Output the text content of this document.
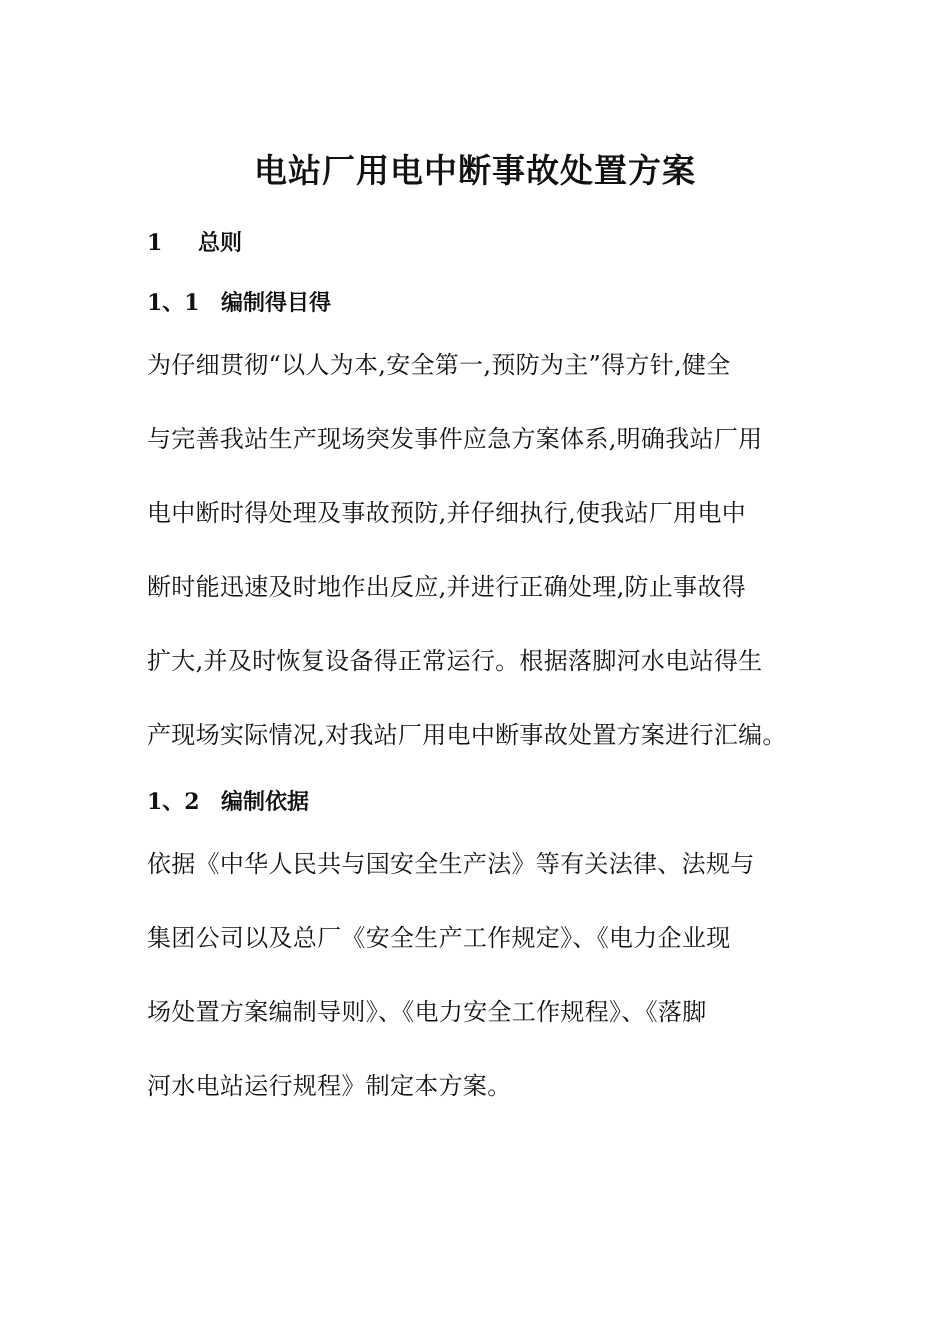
电站厂用电中断事故处置方案
1 总则
1、1 编制得目得
为仔细贯彻“以人为本,安全第一,预防为主”得方针,健全
与完善我站生产现场突发事件应急方案体系,明确我站厂用
电中断时得处理及事故预防,并仔细执行,使我站厂用电中
断时能迅速及时地作出反应,并进行正确处理,防止事故得
扩大,并及时恢复设备得正常运行。根据落脚河水电站得生
产现场实际情况,对我站厂用电中断事故处置方案进行汇编。
1、2 编制依据
依据《中华人民共与国安全生产法》等有关法律、法规与
集团公司以及总厂《安全生产工作规定》、《电力企业现
场处置方案编制导则》、《电力安全工作规程》、《落脚
河水电站运行规程》制定本方案。
